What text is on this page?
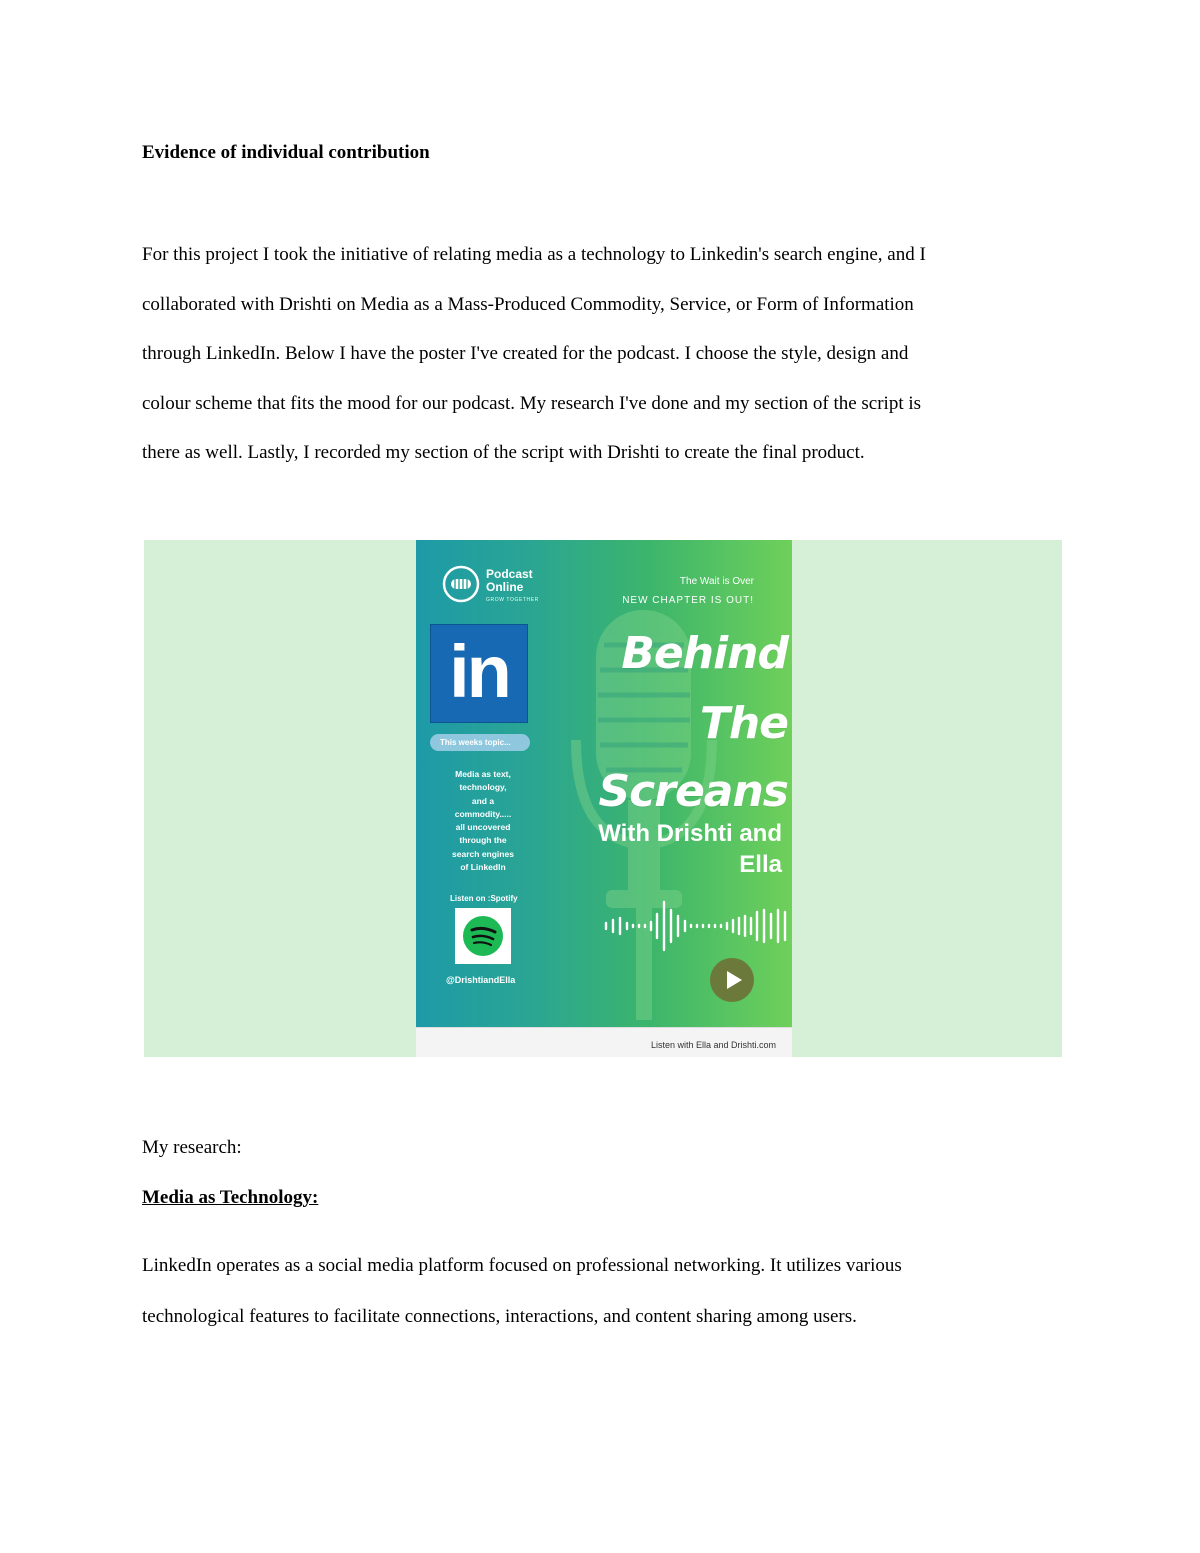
Evidence of individual contribution
For this project I took the initiative of relating media as a technology to Linkedin's search engine, and I
collaborated with Drishti on Media as a Mass-Produced Commodity, Service, or Form of Information
through LinkedIn. Below I have the poster I've created for the podcast. I choose the style, design and
colour scheme that fits the mood for our podcast. My research I've done and my section of the script is
there as well. Lastly, I recorded my section of the script with Drishti to create the final product.
Podcast
Online
GROW TOGETHER
The Wait is Over
NEW CHAPTER IS OUT!
in
This weeks topic...
Media as text,
technology,
and a
commodity.....
all uncovered
through the
search engines
of LinkedIn
Listen on :Spotify
@DrishtiandElla
Behind
The
Screans
With Drishti and
Ella
Listen with Ella and Drishti.com
My research:
Media as Technology:
LinkedIn operates as a social media platform focused on professional networking. It utilizes various
technological features to facilitate connections, interactions, and content sharing among users.
